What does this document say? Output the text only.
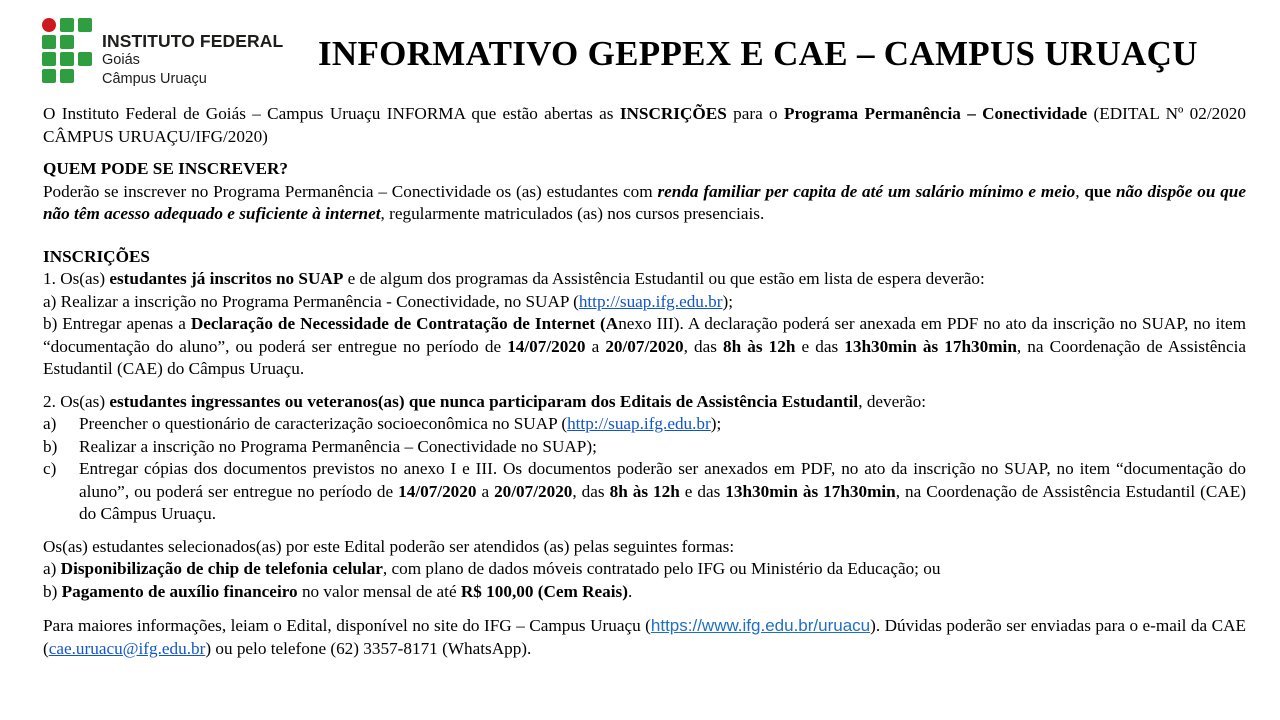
INSTITUTO FEDERAL
Goiás
Câmpus Uruaçu
INFORMATIVO GEPPEX E CAE – CAMPUS URUAÇU

O Instituto Federal de Goiás – Campus Uruaçu INFORMA que estão abertas as INSCRIÇÕES para o Programa Permanência – Conectividade (EDITAL Nº 02/2020 CÂMPUS URUAÇU/IFG/2020)

QUEM PODE SE INSCREVER?

Poderão se inscrever no Programa Permanência – Conectividade os (as) estudantes com renda familiar per capita de até um salário mínimo e meio, que não dispõe ou que não têm acesso adequado e suficiente à internet, regularmente matriculados (as) nos cursos presenciais.

INSCRIÇÕES

1. Os(as) estudantes já inscritos no SUAP e de algum dos programas da Assistência Estudantil ou que estão em lista de espera deverão:

a) Realizar a inscrição no Programa Permanência - Conectividade, no SUAP (http://suap.ifg.edu.br);

b) Entregar apenas a Declaração de Necessidade de Contratação de Internet (Anexo III). A declaração poderá ser anexada em PDF no ato da inscrição no SUAP, no item “documentação do aluno”, ou poderá ser entregue no período de 14/07/2020 a 20/07/2020, das 8h às 12h e das 13h30min às 17h30min, na Coordenação de Assistência Estudantil (CAE) do Câmpus Uruaçu.

2. Os(as) estudantes ingressantes ou veteranos(as) que nunca participaram dos Editais de Assistência Estudantil, deverão:

a)	Preencher o questionário de caracterização socioeconômica no SUAP (http://suap.ifg.edu.br);
b)	Realizar a inscrição no Programa Permanência – Conectividade no SUAP);
c)	Entregar cópias dos documentos previstos no anexo I e III. Os documentos poderão ser anexados em PDF, no ato da inscrição no SUAP, no item “documentação do aluno”, ou poderá ser entregue no período de 14/07/2020 a 20/07/2020, das 8h às 12h e das 13h30min às 17h30min, na Coordenação de Assistência Estudantil (CAE) do Câmpus Uruaçu.

Os(as) estudantes selecionados(as) por este Edital poderão ser atendidos (as) pelas seguintes formas:

a) Disponibilização de chip de telefonia celular, com plano de dados móveis contratado pelo IFG ou Ministério da Educação; ou

b) Pagamento de auxílio financeiro no valor mensal de até R$ 100,00 (Cem Reais).

Para maiores informações, leiam o Edital, disponível no site do IFG – Campus Uruaçu (https://www.ifg.edu.br/uruacu). Dúvidas poderão ser enviadas para o e-mail da CAE (cae.uruacu@ifg.edu.br) ou pelo telefone (62) 3357-8171 (WhatsApp).
